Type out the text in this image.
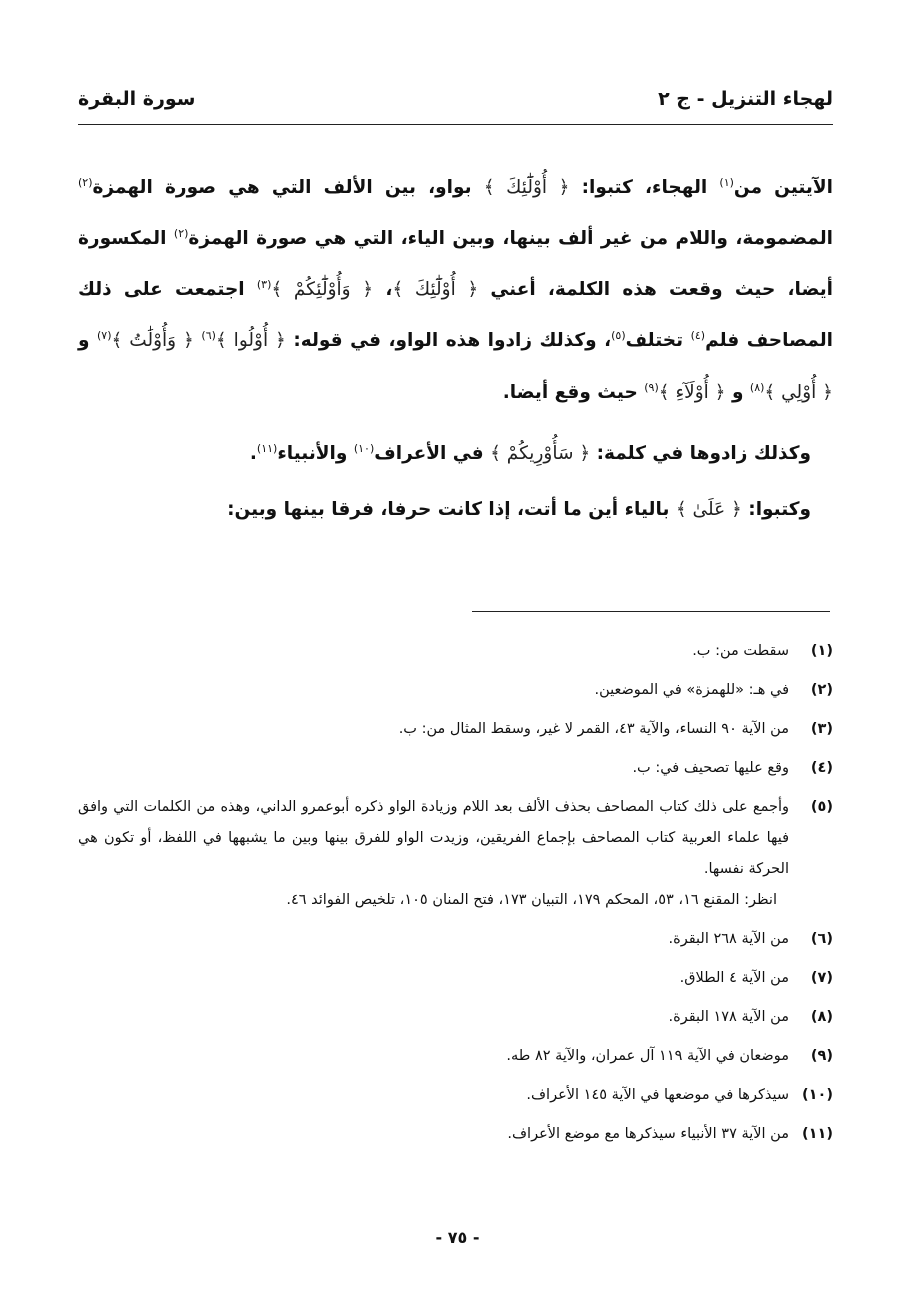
لهجاء التنزيل - ج ٢
سورة البقرة

الآيتين من$^{(١)}$ الهجاء، كتبوا: ﴿ أُوْلَٰٓئِكَ ﴾ بواو، بين الألف التي هي صورة الهمزة$^{(٢)}$ المضمومة، واللام من غير ألف بينها، وبين الياء، التي هي صورة الهمزة$^{(٢)}$ المكسورة أيضا، حيث وقعت هذه الكلمة، أعني ﴿ أُوْلَٰٓئِكَ ﴾، ﴿ وَأُوْلَٰٓئِكُمْ ﴾$^{(٣)}$ اجتمعت على ذلك المصاحف فلم$^{(٤)}$ تختلف$^{(٥)}$، وكذلك زادوا هذه الواو، في قوله: ﴿ أُوْلُوا ﴾$^{(٦)}$ ﴿ وَأُوْلَٰتُ ﴾$^{(٧)}$ و ﴿ أُوْلِي ﴾$^{(٨)}$ و ﴿ أُوْلَآءِ ﴾$^{(٩)}$ حيث وقع أيضا.

وكذلك زادوها في كلمة: ﴿ سَأُوْرِيكُمْ ﴾ في الأعراف$^{(١٠)}$ والأنبياء$^{(١١)}$.

وكتبوا: ﴿ عَلَىٰ ﴾ بالياء أين ما أتت، إذا كانت حرفا، فرقا بينها وبين:

(١)

سقطت من: ب.

(٢)

في هـ: «للهمزة» في الموضعين.

(٣)

من الآية ٩٠ النساء، والآية ٤٣، القمر لا غير، وسقط المثال من: ب.

(٤)

وقع عليها تصحيف في: ب.

(٥)

وأجمع على ذلك كتاب المصاحف بحذف الألف بعد اللام وزيادة الواو ذكره أبوعمرو الداني، وهذه من الكلمات التي وافق فيها علماء العربية كتاب المصاحف بإجماع الفريقين، وزيدت الواو للفرق بينها وبين ما يشبهها في اللفظ، أو تكون هي الحركة نفسها.

انظر: المقنع ١٦، ٥٣، المحكم ١٧٩، التبيان ١٧٣، فتح المنان ١٠٥، تلخيص الفوائد ٤٦.

(٦)

من الآية ٢٦٨ البقرة.

(٧)

من الآية ٤ الطلاق.

(٨)

من الآية ١٧٨ البقرة.

(٩)

موضعان في الآية ١١٩ آل عمران، والآية ٨٢ طه.

(١٠)

سيذكرها في موضعها في الآية ١٤٥ الأعراف.

(١١)

من الآية ٣٧ الأنبياء سيذكرها مع موضع الأعراف.

- ٧٥ -
